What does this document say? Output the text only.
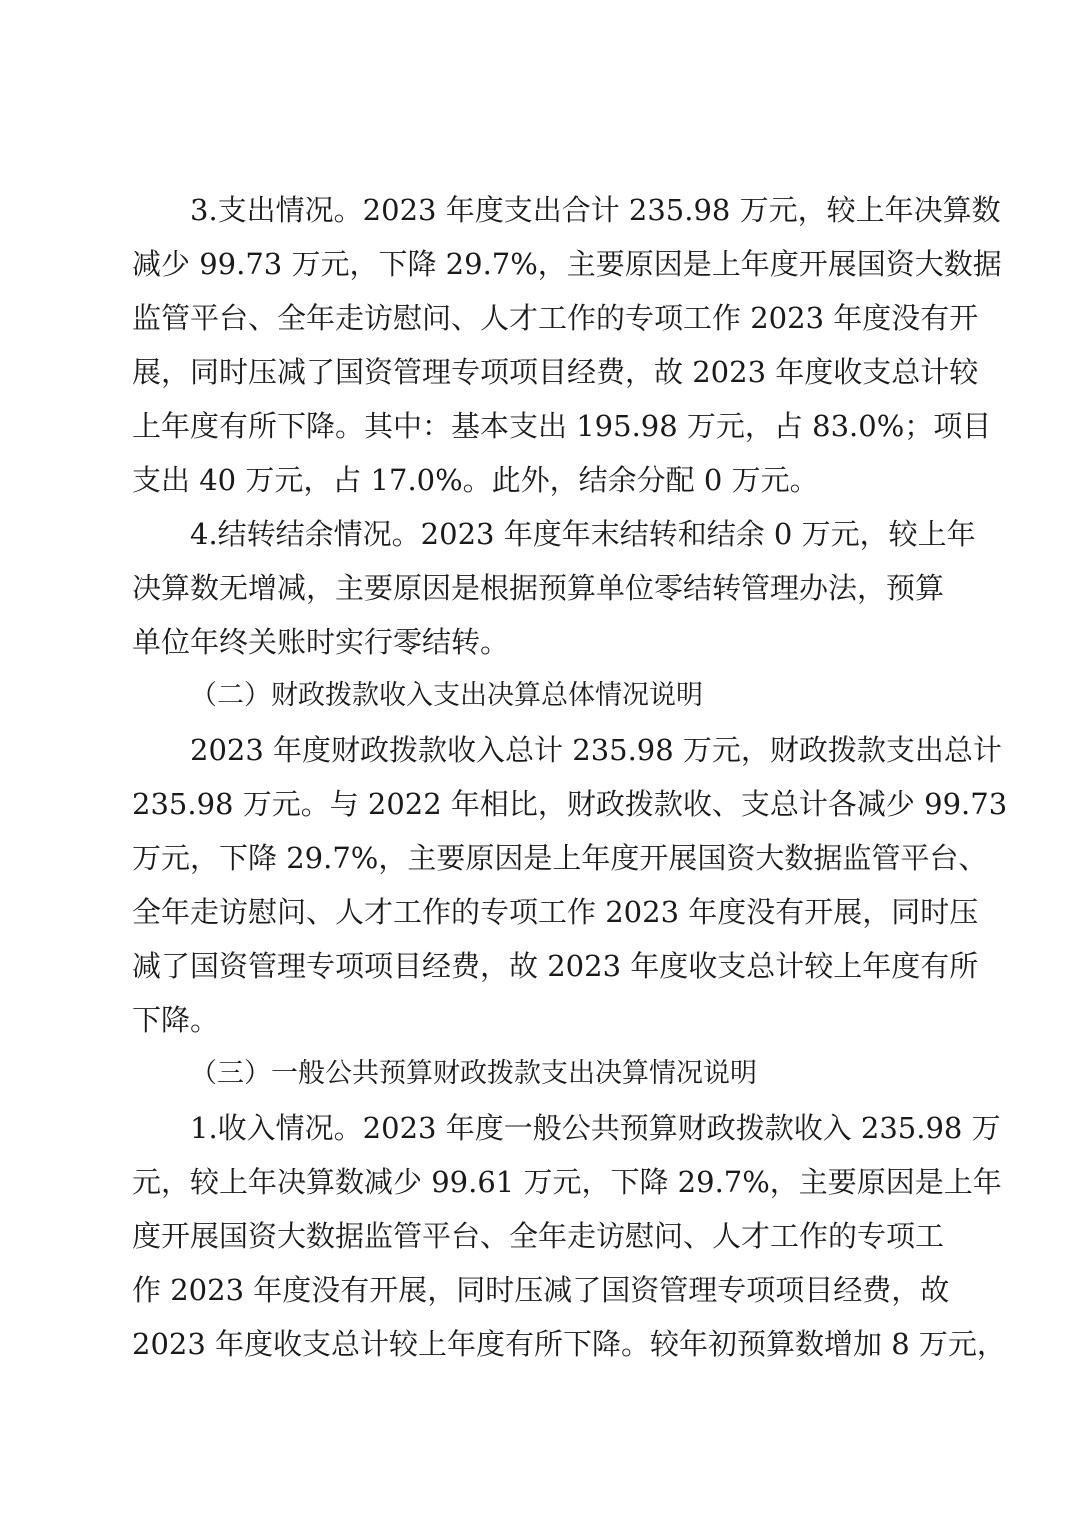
3.支出情况。2023 年度支出合计 235.98 万元，较上年决算数
减少 99.73 万元，下降 29.7%，主要原因是上年度开展国资大数据
监管平台、全年走访慰问、人才工作的专项工作 2023 年度没有开
展，同时压减了国资管理专项项目经费，故 2023 年度收支总计较
上年度有所下降。其中：基本支出 195.98 万元，占 83.0%；项目
支出 40 万元，占 17.0%。此外，结余分配 0 万元。
4.结转结余情况。2023 年度年末结转和结余 0 万元，较上年
决算数无增减，主要原因是根据预算单位零结转管理办法，预算
单位年终关账时实行零结转。
（二）财政拨款收入支出决算总体情况说明
2023 年度财政拨款收入总计 235.98 万元，财政拨款支出总计
235.98 万元。与 2022 年相比，财政拨款收、支总计各减少 99.73
万元，下降 29.7%，主要原因是上年度开展国资大数据监管平台、
全年走访慰问、人才工作的专项工作 2023 年度没有开展，同时压
减了国资管理专项项目经费，故 2023 年度收支总计较上年度有所
下降。
（三）一般公共预算财政拨款支出决算情况说明
1.收入情况。2023 年度一般公共预算财政拨款收入 235.98 万
元，较上年决算数减少 99.61 万元，下降 29.7%，主要原因是上年
度开展国资大数据监管平台、全年走访慰问、人才工作的专项工
作 2023 年度没有开展，同时压减了国资管理专项项目经费，故
2023 年度收支总计较上年度有所下降。较年初预算数增加 8 万元，
